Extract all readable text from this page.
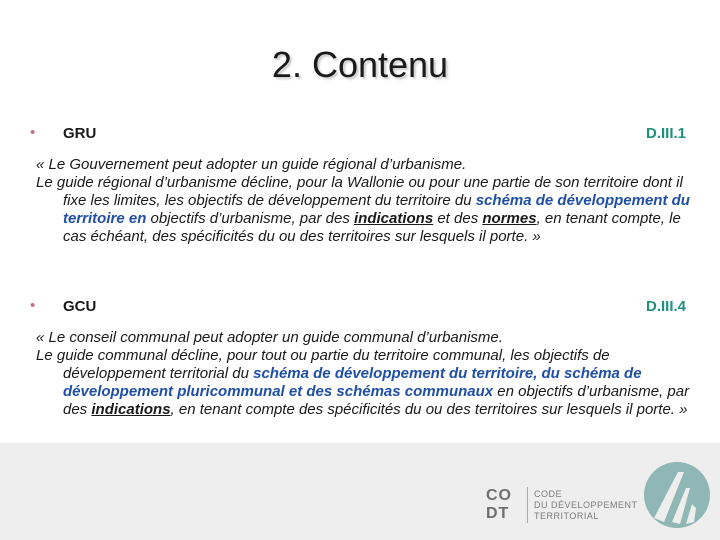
2. Contenu
• GRU	D.III.1

« Le Gouvernement peut adopter un guide régional d’urbanisme.

Le guide régional d’urbanisme décline, pour la Wallonie ou pour une partie de son territoire dont il fixe les limites, les objectifs de développement du territoire du schéma de développement du territoire en objectifs d’urbanisme, par des indications et des normes, en tenant compte, le cas échéant, des spécificités du ou des territoires sur lesquels il porte. »

• GCU	D.III.4

« Le conseil communal peut adopter un guide communal d’urbanisme.

Le guide communal décline, pour tout ou partie du territoire communal, les objectifs de développement territorial du schéma de développement du territoire, du schéma de développement pluricommunal et des schémas communaux en objectifs d’urbanisme, par des indications, en tenant compte des spécificités du ou des territoires sur lesquels il porte. »

CO
DT
CODE
DU DÉVELOPPEMENT
TERRITORIAL
